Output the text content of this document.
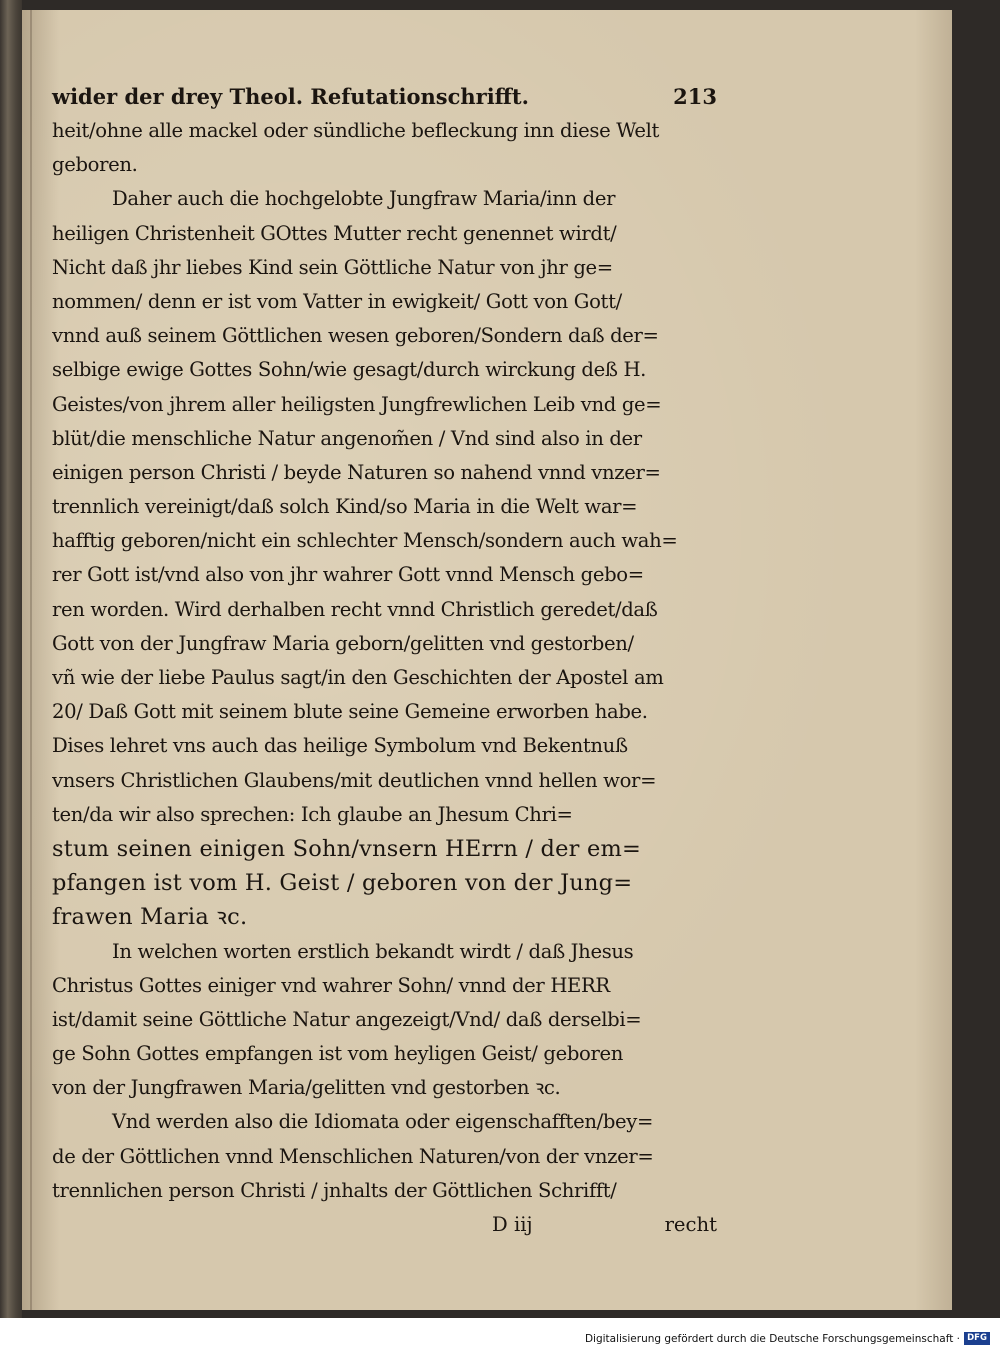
wider der drey Theol. Refutationschrifft.	213
heit/ohne alle mackel oder sündliche befleckung inn diese Welt
geboren.
Daher auch die hochgelobte Jungfraw Maria/inn der
heiligen Christenheit GOttes Mutter recht genennet wirdt/
Nicht daß jhr liebes Kind sein Göttliche Natur von jhr ge=
nommen/ denn er ist vom Vatter in ewigkeit/ Gott von Gott/
vnnd auß seinem Göttlichen wesen geboren/Sondern daß der=
selbige ewige Gottes Sohn/wie gesagt/durch wirckung deß H.
Geistes/von jhrem aller heiligsten Jungfrewlichen Leib vnd ge=
blüt/die menschliche Natur angenom̃en / Vnd sind also in der
einigen person Christi / beyde Naturen so nahend vnnd vnzer=
trennlich vereinigt/daß solch Kind/so Maria in die Welt war=
hafftig geboren/nicht ein schlechter Mensch/sondern auch wah=
rer Gott ist/vnd also von jhr wahrer Gott vnnd Mensch gebo=
ren worden. Wird derhalben recht vnnd Christlich geredet/daß
Gott von der Jungfraw Maria geborn/gelitten vnd gestorben/
vñ wie der liebe Paulus sagt/in den Geschichten der Apostel am
20/ Daß Gott mit seinem blute seine Gemeine erworben habe.
Dises lehret vns auch das heilige Symbolum vnd Bekentnuß
vnsers Christlichen Glaubens/mit deutlichen vnnd hellen wor=
ten/da wir also sprechen: Ich glaube an Jhesum Chri=
stum seinen einigen Sohn/vnsern HErrn / der em=
pfangen ist vom H. Geist / geboren von der Jung=
frawen Maria ꝛc.
In welchen worten erstlich bekandt wirdt / daß Jhesus
Christus Gottes einiger vnd wahrer Sohn/ vnnd der HERR
ist/damit seine Göttliche Natur angezeigt/Vnd/ daß derselbi=
ge Sohn Gottes empfangen ist vom heyligen Geist/ geboren
von der Jungfrawen Maria/gelitten vnd gestorben ꝛc.
Vnd werden also die Idiomata oder eigenschafften/bey=
de der Göttlichen vnnd Menschlichen Naturen/von der vnzer=
trennlichen person Christi / jnhalts der Göttlichen Schrifft/
D iij	recht
Digitalisierung gefördert durch die Deutsche Forschungsgemeinschaft · DFG
